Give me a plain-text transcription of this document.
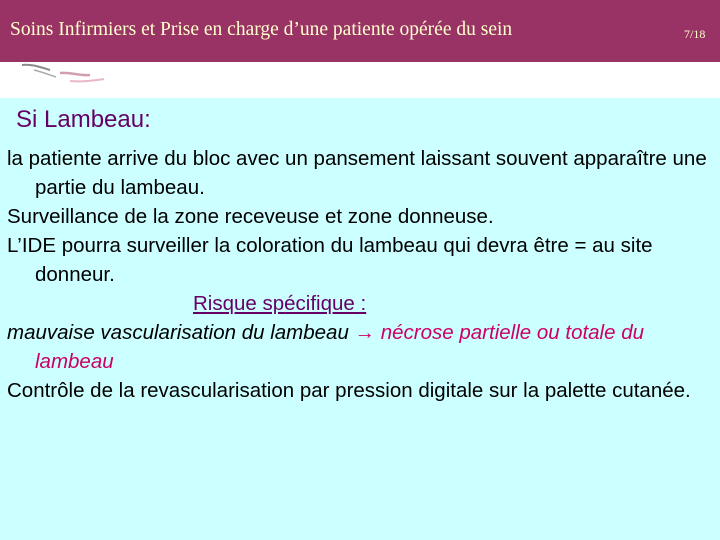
Soins Infirmiers et Prise en charge d’une patiente opérée du sein	7/18
Si Lambeau:

la patiente arrive du bloc avec un pansement laissant souvent apparaître une partie du lambeau.

Surveillance de la zone receveuse et zone donneuse.

L’IDE pourra surveiller la coloration du lambeau qui devra être = au site donneur.

Risque spécifique :

mauvaise vascularisation du lambeau → nécrose partielle ou totale du lambeau

Contrôle de la revascularisation par pression digitale sur la palette cutanée.
